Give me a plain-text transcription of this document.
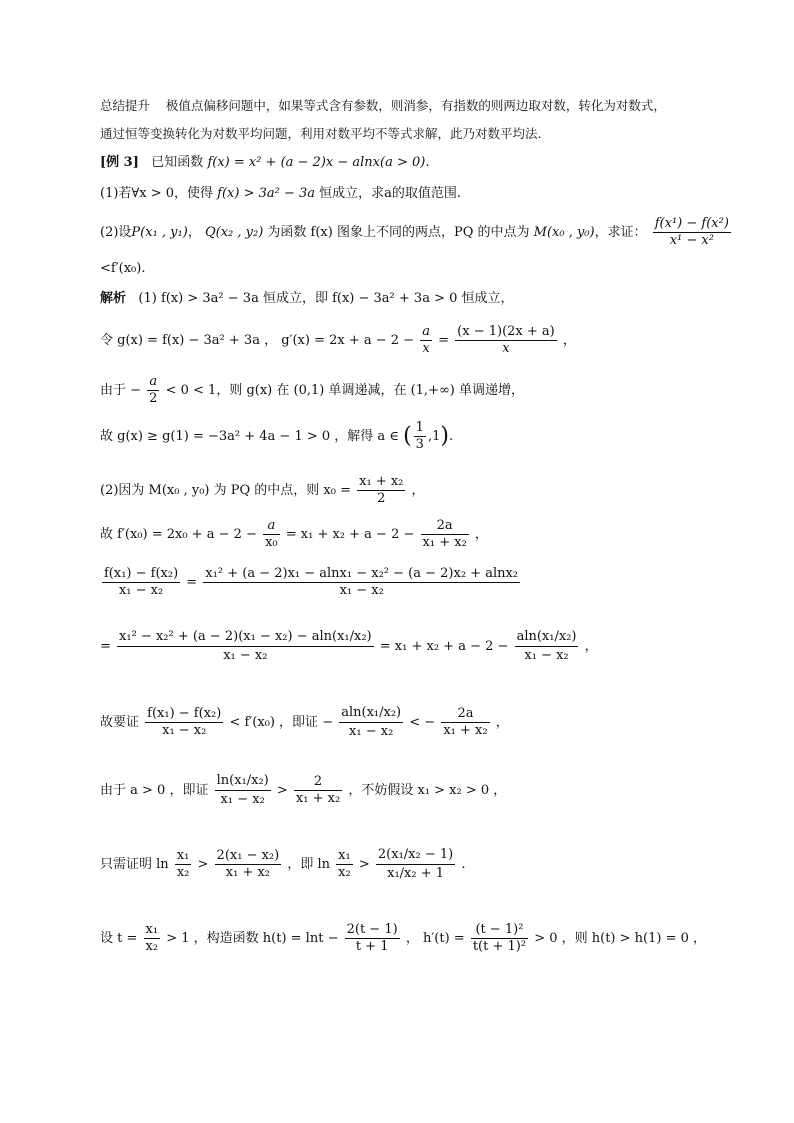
总结提升 极值点偏移问题中，如果等式含有参数，则消参，有指数的则两边取对数，转化为对数式，
通过恒等变换转化为对数平均问题，利用对数平均不等式求解，此乃对数平均法.
[例 3] 已知函数 f(x) = x² + (a − 2)x − alnx(a > 0).
(1)若∀x > 0，使得 f(x) > 3a² − 3a 恒成立，求a的取值范围.
(2)设P(x₁ , y₁)， Q(x₂ , y₂) 为函数 f(x) 图象上不同的两点，PQ 的中点为 M(x₀ , y₀)，求证： $\frac{\text{f(x¹) − f(x²)}}{\text{x¹ − x²}}$
<f′(x₀).
解析 (1) f(x) > 3a² − 3a 恒成立，即 f(x) − 3a² + 3a > 0 恒成立，
令 g(x) = f(x) − 3a² + 3a ， $g'(x) = 2x + a - 2 - \frac{a}{x} = \frac{(x - 1)(2x + a)}{x}$ ，
由于 − $\frac{a}{2} < 0 < 1$，则 g(x) 在 (0,1) 单调递减，在 (1,+∞) 单调递增，
故 g(x) ≥ g(1) = −3a² + 4a − 1 > 0 ，解得 a ∈ ( $\frac{1}{3} ,1$).
(2)因为 M(x₀ , y₀) 为 PQ 的中点，则 $x_0 = \frac{\text{x₁ + x₂}}{2}$ ，
故 $f'(x_0) = 2x_0 + a - 2 - \frac{a}{\text{x₀}} = x_1 + x_2 + a - 2 - \frac{2a}{\text{x₁ + x₂}}$ ，
$\frac{\text{f(x₁) − f(x₂)}}{\text{x₁ − x₂}} = \frac{\text{x₁² + (a − 2)x₁ − alnx₁ − x₂² − (a − 2)x₂ + alnx₂}}{\text{x₁ − x₂}}$
= $\frac{\text{x₁² − x₂² + (a − 2)(x₁ − x₂) − aln(x₁/x₂)}}{\text{x₁ − x₂}} = x_1 + x_2 + a - 2 - \frac{\text{aln(x₁/x₂)}}{\text{x₁ − x₂}}$ ，
故要证 $\frac{\text{f(x₁) − f(x₂)}}{\text{x₁ − x₂}} < f'(x_0)$ ，即证 − $\frac{\text{aln(x₁/x₂)}}{\text{x₁ − x₂}}$ < − $\frac{2a}{\text{x₁ + x₂}}$ ，
由于 a > 0 ，即证 $\frac{\text{ln(x₁/x₂)}}{\text{x₁ − x₂}} > \frac{2}{\text{x₁ + x₂}}$ ，不妨假设 x₁ > x₂ > 0 ，
只需证明 $\ln \frac{\text{x₁}}{\text{x₂}} > \frac{\text{2(x₁ − x₂)}}{\text{x₁ + x₂}}$ ，即 $\ln \frac{\text{x₁}}{\text{x₂}} > \frac{\text{2(x₁/x₂ − 1)}}{\text{x₁/x₂ + 1}}$ .
设 $t = \frac{\text{x₁}}{\text{x₂}} > 1$ ，构造函数 $h(t) = \ln t - \frac{2(t - 1)}{t + 1}$ ， $h'(t) = \frac{\text{(t − 1)²}}{\text{t(t + 1)²}} > 0$ ，则 h(t) > h(1) = 0 ，
